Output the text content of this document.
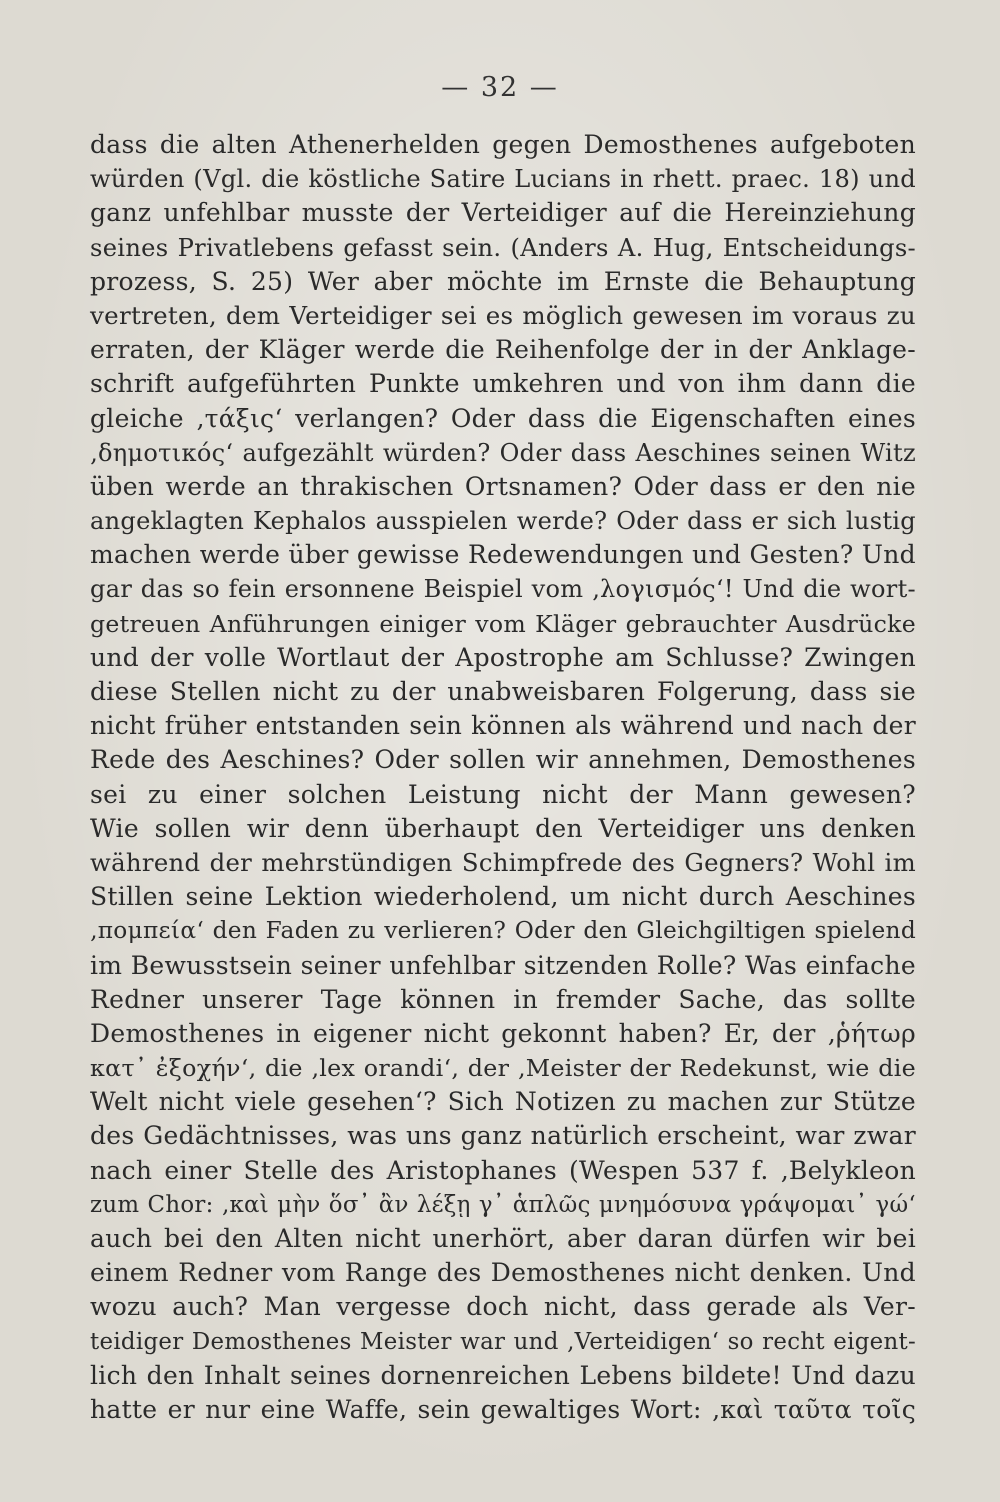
— 32 —
dass die alten Athenerhelden gegen Demosthenes aufgeboten
würden (Vgl. die köstliche Satire Lucians in rhett. praec. 18) und
ganz unfehlbar musste der Verteidiger auf die Hereinziehung
seines Privatlebens gefasst sein. (Anders A. Hug, Entscheidungs-
prozess, S. 25) Wer aber möchte im Ernste die Behauptung
vertreten, dem Verteidiger sei es möglich gewesen im voraus zu
erraten, der Kläger werde die Reihenfolge der in der Anklage-
schrift aufgeführten Punkte umkehren und von ihm dann die
gleiche ‚τάξις‘ verlangen? Oder dass die Eigenschaften eines
‚δημοτικός‘ aufgezählt würden? Oder dass Aeschines seinen Witz
üben werde an thrakischen Ortsnamen? Oder dass er den nie
angeklagten Kephalos ausspielen werde? Oder dass er sich lustig
machen werde über gewisse Redewendungen und Gesten? Und
gar das so fein ersonnene Beispiel vom ‚λογισμός‘! Und die wort-
getreuen Anführungen einiger vom Kläger gebrauchter Ausdrücke
und der volle Wortlaut der Apostrophe am Schlusse? Zwingen
diese Stellen nicht zu der unabweisbaren Folgerung, dass sie
nicht früher entstanden sein können als während und nach der
Rede des Aeschines? Oder sollen wir annehmen, Demosthenes
sei zu einer solchen Leistung nicht der Mann gewesen?
Wie sollen wir denn überhaupt den Verteidiger uns denken
während der mehrstündigen Schimpfrede des Gegners? Wohl im
Stillen seine Lektion wiederholend, um nicht durch Aeschines
‚πομπεία‘ den Faden zu verlieren? Oder den Gleichgiltigen spielend
im Bewusstsein seiner unfehlbar sitzenden Rolle? Was einfache
Redner unserer Tage können in fremder Sache, das sollte
Demosthenes in eigener nicht gekonnt haben? Er, der ‚ῥήτωρ
κατ᾿ ἐξοχήν‘, die ‚lex orandi‘, der ‚Meister der Redekunst, wie die
Welt nicht viele gesehen‘? Sich Notizen zu machen zur Stütze
des Gedächtnisses, was uns ganz natürlich erscheint, war zwar
nach einer Stelle des Aristophanes (Wespen 537 f. ‚Belykleon
zum Chor: ‚καὶ μὴν ὅσ᾿ ἂν λέξῃ γ᾿ ἁπλῶς μνημόσυνα γράψομαι᾿ γώ‘
auch bei den Alten nicht unerhört, aber daran dürfen wir bei
einem Redner vom Range des Demosthenes nicht denken. Und
wozu auch? Man vergesse doch nicht, dass gerade als Ver-
teidiger Demosthenes Meister war und ‚Verteidigen‘ so recht eigent-
lich den Inhalt seines dornenreichen Lebens bildete! Und dazu
hatte er nur eine Waffe, sein gewaltiges Wort: ‚καὶ ταῦτα τοῖς
